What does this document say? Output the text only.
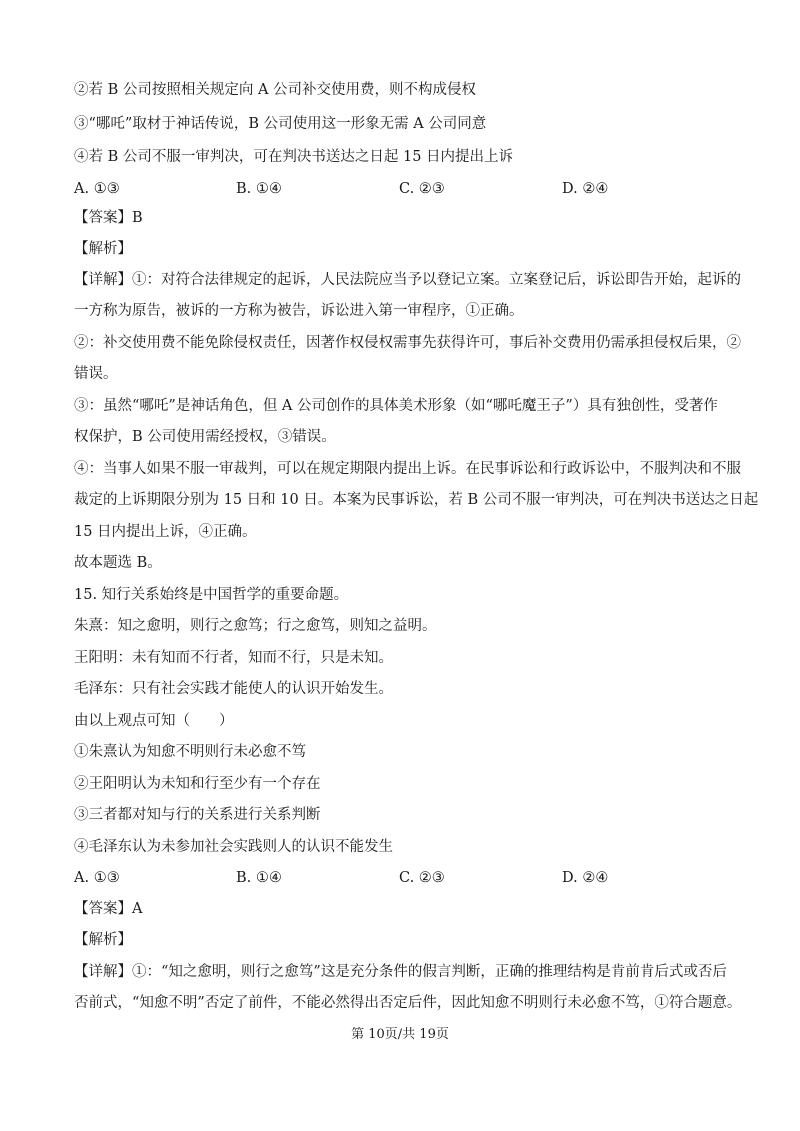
②若 B 公司按照相关规定向 A 公司补交使用费，则不构成侵权
③“哪吒”取材于神话传说，B 公司使用这一形象无需 A 公司同意
④若 B 公司不服一审判决，可在判决书送达之日起 15 日内提出上诉
A. ①③	B. ①④	C. ②③	D. ②④
【答案】B
【解析】
【详解】①：对符合法律规定的起诉，人民法院应当予以登记立案。立案登记后，诉讼即告开始，起诉的
一方称为原告，被诉的一方称为被告，诉讼进入第一审程序，①正确。
②：补交使用费不能免除侵权责任，因著作权侵权需事先获得许可，事后补交费用仍需承担侵权后果，②
错误。
③：虽然“哪吒”是神话角色，但 A 公司创作的具体美术形象（如“哪吒魔王子”）具有独创性，受著作
权保护，B 公司使用需经授权，③错误。
④：当事人如果不服一审裁判，可以在规定期限内提出上诉。在民事诉讼和行政诉讼中，不服判决和不服
裁定的上诉期限分别为 15 日和 10 日。本案为民事诉讼，若 B 公司不服一审判决，可在判决书送达之日起
15 日内提出上诉，④正确。
故本题选 B。
15. 知行关系始终是中国哲学的重要命题。
朱熹：知之愈明，则行之愈笃；行之愈笃，则知之益明。
王阳明：未有知而不行者，知而不行，只是未知。
毛泽东：只有社会实践才能使人的认识开始发生。
由以上观点可知（　　）
①朱熹认为知愈不明则行未必愈不笃
②王阳明认为未知和行至少有一个存在
③三者都对知与行的关系进行关系判断
④毛泽东认为未参加社会实践则人的认识不能发生
A. ①③	B. ①④	C. ②③	D. ②④
【答案】A
【解析】
【详解】①：“知之愈明，则行之愈笃”这是充分条件的假言判断，正确的推理结构是肯前肯后式或否后
否前式，“知愈不明”否定了前件，不能必然得出否定后件，因此知愈不明则行未必愈不笃，①符合题意。
第 10页/共 19页
